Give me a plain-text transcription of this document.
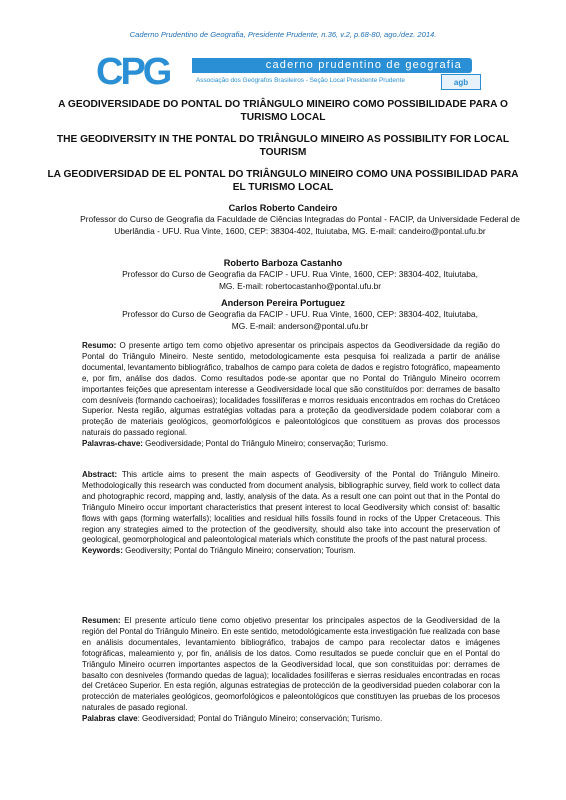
Caderno Prudentino de Geografia, Presidente Prudente, n.36, v.2, p.68-80, ago./dez. 2014.
CPG	caderno prudentino de geografia
Associação dos Geógrafos Brasileiros - Seção Local Presidente Prudente	agb
A GEODIVERSIDADE DO PONTAL DO TRIÂNGULO MINEIRO COMO POSSIBILIDADE PARA O TURISMO LOCAL
THE GEODIVERSITY IN THE PONTAL DO TRIÂNGULO MINEIRO AS POSSIBILITY FOR LOCAL TOURISM
LA GEODIVERSIDAD DE EL PONTAL DO TRIÂNGULO MINEIRO COMO UNA POSSIBILIDAD PARA EL TURISMO LOCAL
Carlos Roberto Candeiro
Professor do Curso de Geografia da Faculdade de Ciências Integradas do Pontal - FACIP, da Universidade Federal de Uberlândia - UFU. Rua Vinte, 1600, CEP: 38304-402, Ituiutaba, MG. E-mail: candeiro@pontal.ufu.br
Roberto Barboza Castanho
Professor do Curso de Geografia da FACIP - UFU. Rua Vinte, 1600, CEP: 38304-402, Ituiutaba, MG. E-mail: robertocastanho@pontal.ufu.br
Anderson Pereira Portuguez
Professor do Curso de Geografia da FACIP - UFU. Rua Vinte, 1600, CEP: 38304-402, Ituiutaba, MG. E-mail: anderson@pontal.ufu.br
Resumo: O presente artigo tem como objetivo apresentar os principais aspectos da Geodiversidade da região do Pontal do Triângulo Mineiro. Neste sentido, metodologicamente esta pesquisa foi realizada a partir de análise documental, levantamento bibliográfico, trabalhos de campo para coleta de dados e registro fotográfico, mapeamento e, por fim, análise dos dados. Como resultados pode-se apontar que no Pontal do Triângulo Mineiro ocorrem importantes feições que apresentam interesse a Geodiversidade local que são constituídos por: derrames de basalto com desníveis (formando cachoeiras); localidades fossilíferas e morros residuais encontrados em rochas do Cretáceo Superior. Nesta região, algumas estratégias voltadas para a proteção da geodiversidade podem colaborar com a proteção de materiais geológicos, geomorfológicos e paleontológicos que constituem as provas dos processos naturais do passado regional.
Palavras-chave: Geodiversidade; Pontal do Triângulo Mineiro; conservação; Turismo.
Abstract: This article aims to present the main aspects of Geodiversity of the Pontal do Triângulo Mineiro. Methodologically this research was conducted from document analysis, bibliographic survey, field work to collect data and photographic record, mapping and, lastly, analysis of the data. As a result one can point out that in the Pontal do Triângulo Mineiro occur important characteristics that present interest to local Geodiversity which consist of: basaltic flows with gaps (forming waterfalls); localities and residual hills fossils found in rocks of the Upper Cretaceous. This region any strategies aimed to the protection of the geodiversity, should also take into account the preservation of geological, geomorphological and paleontological materials which constitute the proofs of the past natural process.
Keywords: Geodiversity; Pontal do Triângulo Mineiro; conservation; Tourism.
Resumen: El presente artículo tiene como objetivo presentar los principales aspectos de la Geodiversidad de la región del Pontal do Triângulo Mineiro. En este sentido, metodológicamente esta investigación fue realizada con base en análisis documentales, levantamiento bibliográfico, trabajos de campo para recolectar datos e imágenes fotográficas, maleamiento y, por fin, análisis de los datos. Como resultados se puede concluir que en el Pontal do Triângulo Mineiro ocurren importantes aspectos de la Geodiversidad local, que son constituidas por: derrames de basalto con desniveles (formando quedas de lagua); localidades fosilíferas e sierras residuales encontradas en rocas del Cretáceo Superior. En esta región, algunas estrategias de protección de la geodiversidad pueden colaborar con la protección de materiales geológicos, geomorfológicos e paleontológicos que constituyen las pruebas de los procesos naturales de pasado regional.
Palabras clave: Geodiversidad; Pontal do Triângulo Mineiro; conservación; Turismo.
